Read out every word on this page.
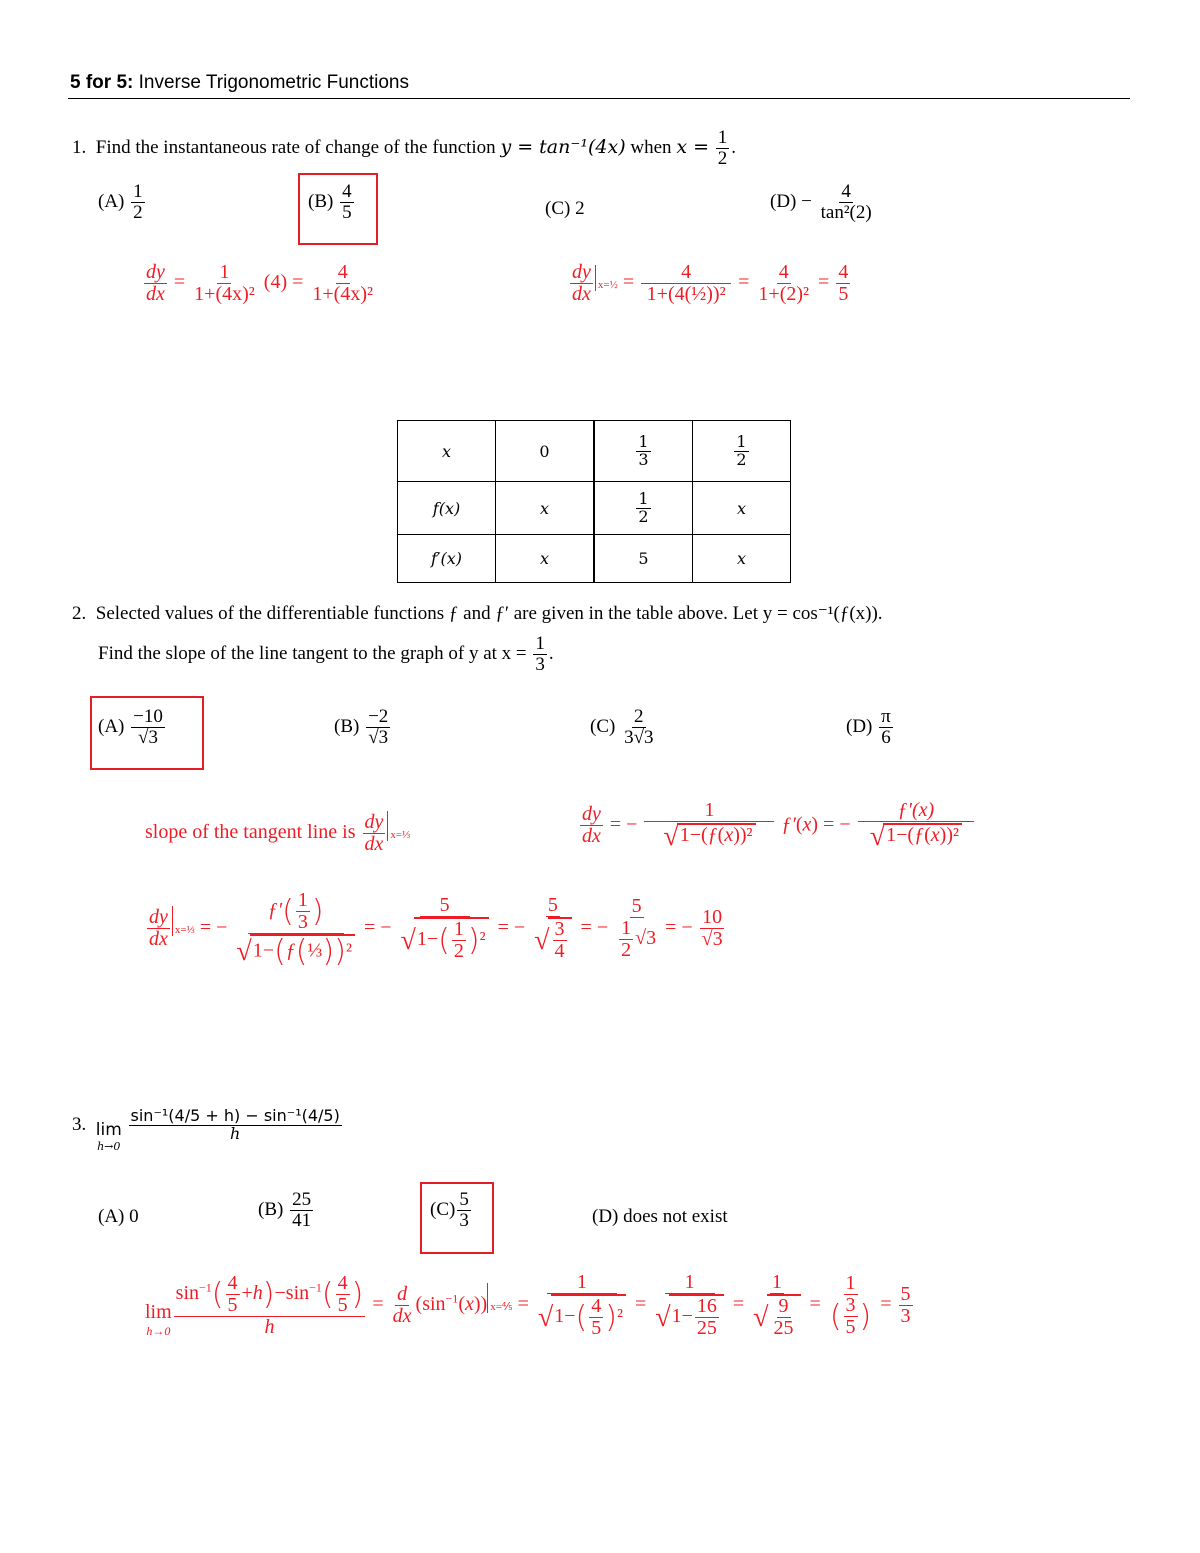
5 for 5: Inverse Trigonometric Functions
1. Find the instantaneous rate of change of the function y = tan⁻¹(4x) when $x = \frac{1}{2}$ .
$(A) \frac{1}{2}$	$(B) \frac{4}{5}$	(C) 2	$(D) - \frac{4}{\text{tan²(2)}}$
$\frac{dy}{dx} = \frac{1}{\text{1+(4x)²}} (4) = \frac{4}{\text{1+(4x)²}}$	$\frac{dy}{dx}$ x=½ = $\frac{4}{\text{1+(4(½))²}} = \frac{4}{\text{1+(2)²}} = \frac{4}{5}$
x	0	$\frac{1}{3}$	$\frac{1}{2}$

f(x)	x	$\frac{1}{2}$	x
f′(x)	x	5	x
2. Selected values of the differentiable functions ƒ and ƒ′ are given in the table above. Let y = cos⁻¹(ƒ(x)).
Find the slope of the line tangent to the graph of y at $x = \frac{1}{3}$ .
$(A) \frac{-10}{√3}$	$(B) \frac{-2}{√3}$	$(C) \frac{2}{3√3}$	$(D) \frac{\pi}{6}$
slope of the tangent line is $\frac{dy}{dx}$ x=⅓	$\frac{dy}{dx}$ = − $\frac{1}{\text{√1−(ƒ(x))²}}$ ƒ′(x) = − $\frac{ƒ'(x)}{\text{√1−(ƒ(x))²}}$
$\frac{dy}{dx}$ x=⅓ = − $\frac{ƒ'( \frac{1}{3} )}{\text{√1−(ƒ(⅓))²}}$ = − $\frac{5}{√1-( \frac{1}{2} )^2}$ = − $\frac{5}{√ \frac{3}{4}}$ = − $\frac{5}{\frac{1}{2} √3}$ = − $\frac{10}{√3}$
3. lim
h→0

$\frac{\text{sin⁻¹(4/5 + h) − sin⁻¹(4/5)}}{h}$
(A) 0	$(B) \frac{25}{41}$	$(C) \frac{5}{3}$	(D) does not exist
lim
$h\to 0 \frac{\sin^{-1}( \frac{4}{5} +h)-\sin^{-1}( \frac{4}{5} )}{h} = \frac{d}{dx} (\sin^{-1}(x))$ x=⅘ = $\frac{1}{√1-( \frac{4}{5} )^2} = \frac{1}{√1- \frac{16}{25}} = \frac{1}{√ \frac{9}{25}} = \frac{1}{( \frac{3}{5} )} = \frac{5}{3}$
